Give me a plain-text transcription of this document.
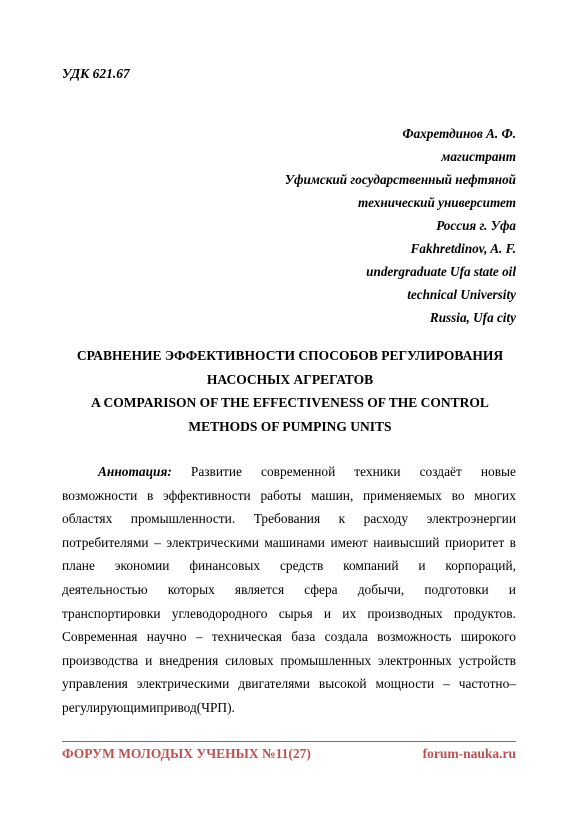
УДК 621.67
Фахретдинов А. Ф.
магистрант
Уфимский государственный нефтяной
технический университет
Россия г. Уфа
Fakhretdinov, A. F.
undergraduate Ufa state oil
technical University
Russia, Ufa city
СРАВНЕНИЕ ЭФФЕКТИВНОСТИ СПОСОБОВ РЕГУЛИРОВАНИЯ
НАСОСНЫХ АГРЕГАТОВ
A COMPARISON OF THE EFFECTIVENESS OF THE CONTROL
METHODS OF PUMPING UNITS
Аннотация: Развитие современной техники создаёт новые
возможности в эффективности работы машин, применяемых во многих
областях промышленности. Требования к расходу электроэнергии
потребителями – электрическими машинами имеют наивысший приоритет в
плане экономии финансовых средств компаний и корпораций,
деятельностью которых является сфера добычи, подготовки и
транспортировки углеводородного сырья и их производных продуктов.
Современная научно – техническая база создала возможность широкого
производства и внедрения силовых промышленных электронных устройств
управления электрическими двигателями высокой мощности – частотно–
регулирующими привод(ЧРП).
ФОРУМ МОЛОДЫХ УЧЕНЫХ №11(27)	forum-nauka.ru
